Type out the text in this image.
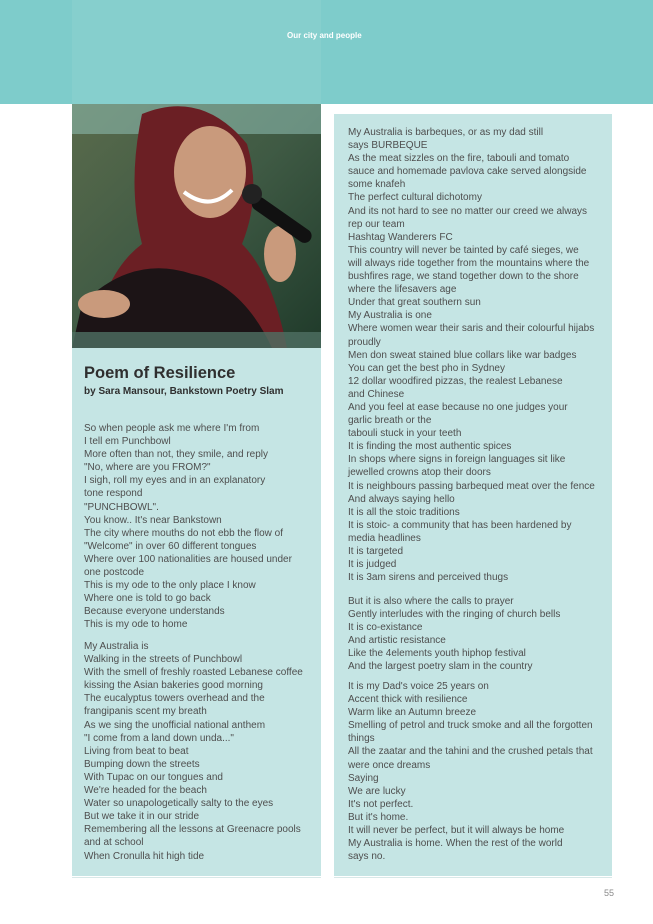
Our city and people
Poem of Resilience
by Sara Mansour, Bankstown Poetry Slam
So when people ask me where I'm from
I tell em Punchbowl
More often than not, they smile, and reply
"No, where are you FROM?"
I sigh, roll my eyes and in an explanatory
tone respond
"PUNCHBOWL".
You know.. It's near Bankstown
The city where mouths do not ebb the flow of
"Welcome" in over 60 different tongues
Where over 100 nationalities are housed under
one postcode
This is my ode to the only place I know
Where one is told to go back
Because everyone understands
This is my ode to home
My Australia is
Walking in the streets of Punchbowl
With the smell of freshly roasted Lebanese coffee
kissing the Asian bakeries good morning
The eucalyptus towers overhead and the
frangipanis scent my breath
As we sing the unofficial national anthem
"I come from a land down unda..."
Living from beat to beat
Bumping down the streets
With Tupac on our tongues and
We're headed for the beach
Water so unapologetically salty to the eyes
But we take it in our stride
Remembering all the lessons at Greenacre pools
and at school
When Cronulla hit high tide
My Australia is barbeques, or as my dad still
says BURBEQUE
As the meat sizzles on the fire, tabouli and tomato
sauce and homemade pavlova cake served alongside
some knafeh
The perfect cultural dichotomy
And its not hard to see no matter our creed we always
rep our team
Hashtag Wanderers FC
This country will never be tainted by café sieges, we
will always ride together from the mountains where the
bushfires rage, we stand together down to the shore
where the lifesavers age
Under that great southern sun
My Australia is one
Where women wear their saris and their colourful hijabs
proudly
Men don sweat stained blue collars like war badges
You can get the best pho in Sydney
12 dollar woodfired pizzas, the realest Lebanese
and Chinese
And you feel at ease because no one judges your
garlic breath or the
tabouli stuck in your teeth
It is finding the most authentic spices
In shops where signs in foreign languages sit like
jewelled crowns atop their doors
It is neighbours passing barbequed meat over the fence
And always saying hello
It is all the stoic traditions
It is stoic- a community that has been hardened by
media headlines
It is targeted
It is judged
It is 3am sirens and perceived thugs
But it is also where the calls to prayer
Gently interludes with the ringing of church bells
It is co-existance
And artistic resistance
Like the 4elements youth hiphop festival
And the largest poetry slam in the country
It is my Dad's voice 25 years on
Accent thick with resilience
Warm like an Autumn breeze
Smelling of petrol and truck smoke and all the forgotten
things
All the zaatar and the tahini and the crushed petals that
were once dreams
Saying
We are lucky
It's not perfect.
But it's home.
It will never be perfect, but it will always be home
My Australia is home. When the rest of the world
says no.
55
